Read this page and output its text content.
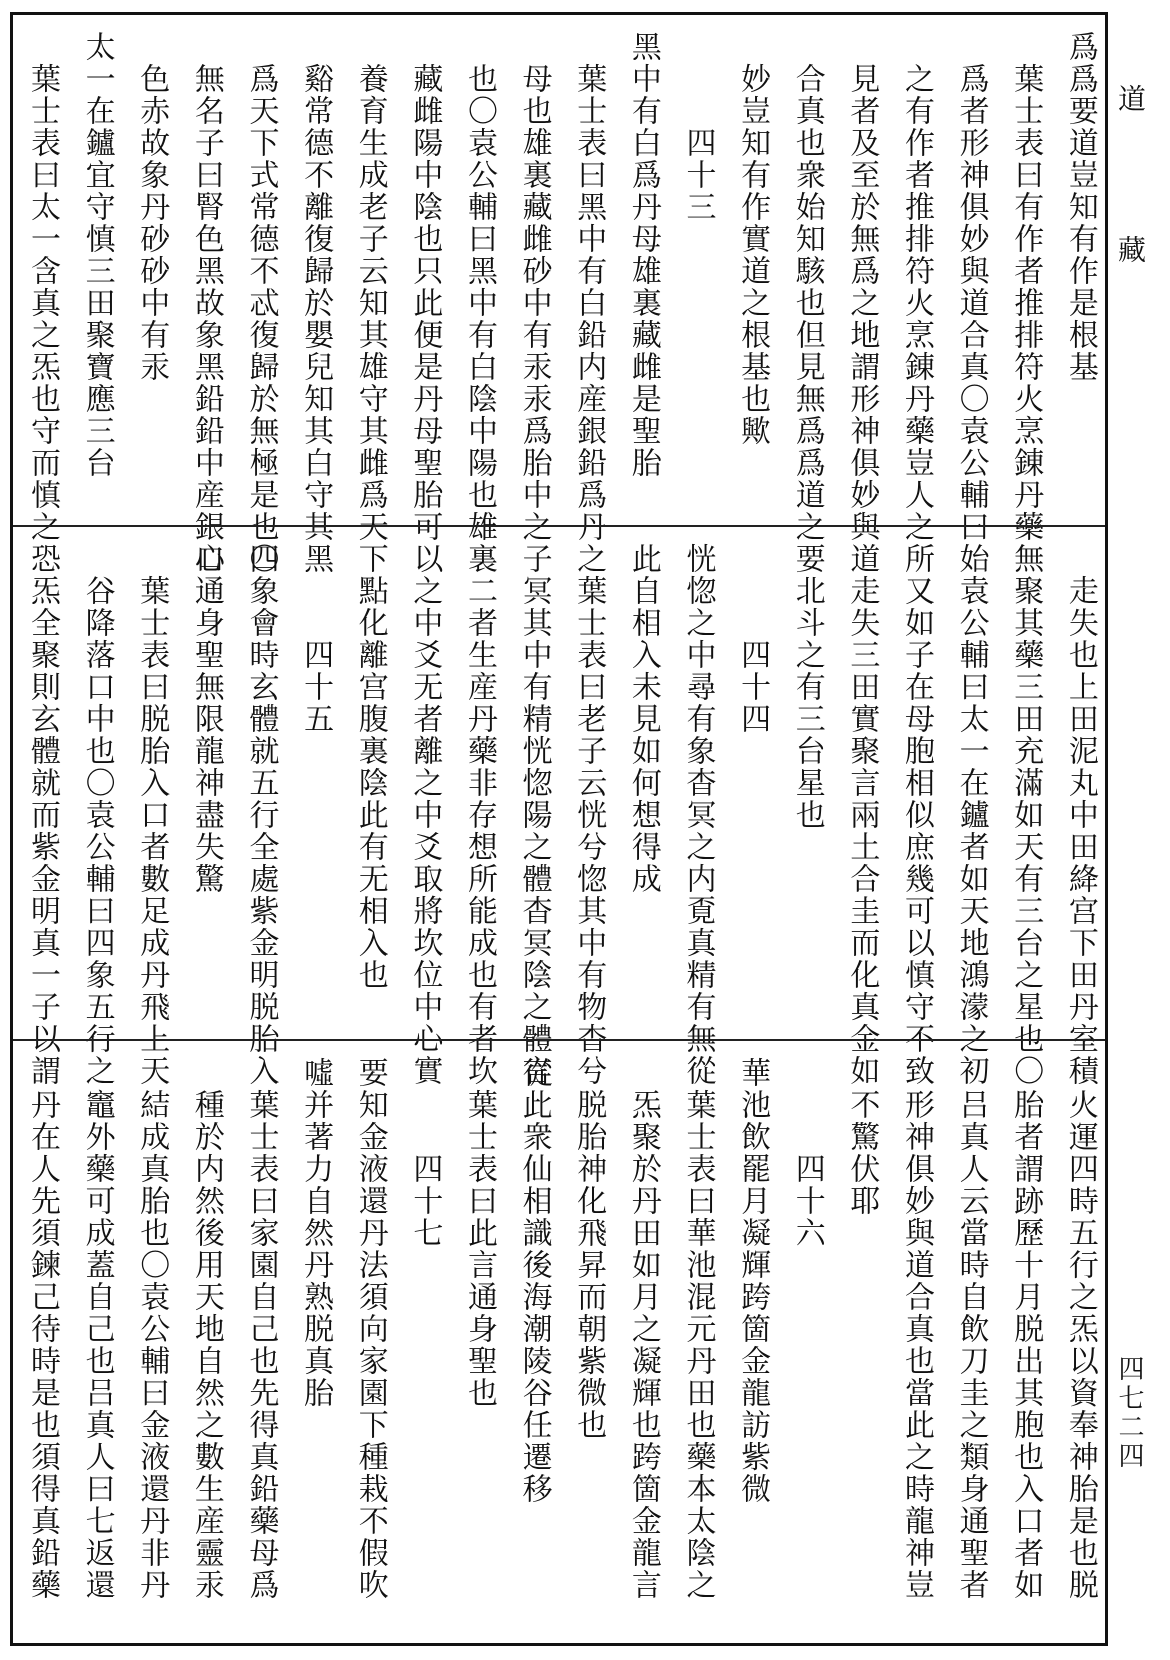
爲爲要道豈知有作是根基
葉士表曰有作者推排符火烹錬丹藥無
爲者形神俱妙與道合真〇袁公輔曰始
之有作者推排符火烹錬丹藥豈人之所
見者及至於無爲之地謂形神俱妙與道
合真也衆始知駭也但見無爲爲道之要
妙豈知有作實道之根基也歟
四十三
黑中有白爲丹母雄裏藏雌是聖胎
葉士表曰黑中有白鉛内産銀鉛爲丹之
母也雄裏藏雌砂中有汞汞爲胎中之子
也〇袁公輔曰黑中有白陰中陽也雄裏
藏雌陽中陰也只此便是丹母聖胎可以
養育生成老子云知其雄守其雌爲天下
谿常德不離復歸於嬰兒知其白守其黑
爲天下式常德不忒復歸於無極是也〇
無名子曰腎色黑故象黑鉛鉛中産銀心
色赤故象丹砂砂中有汞
太一在鑪宜守慎三田聚寶應三台
葉士表曰太一含真之炁也守而慎之恐
走失也上田泥丸中田絳宫下田丹室積
聚其藥三田充滿如天有三台之星也〇
袁公輔曰太一在鑪者如天地鴻濛之初
又如子在母胞相似庶幾可以慎守不致
走失三田實聚言兩土合圭而化真金如
北斗之有三台星也
四十四
恍惚之中尋有象杳冥之内覔真精有無從
此自相入未見如何想得成
葉士表曰老子云恍兮惚其中有物杳兮
冥其中有精恍惚陽之體杳冥陰之體言
二者生産丹藥非存想所能成也有者坎
之中爻无者離之中爻取將坎位中心實
點化離宫腹裏陰此有无相入也
四十五
四象會時玄體就五行全處紫金明脱胎入
口通身聖無限龍神盡失驚
葉士表曰脱胎入口者數足成丹飛上天
谷降落口中也〇袁公輔曰四象五行之
炁全聚則玄體就而紫金明真一子以謂
火運四時五行之炁以資奉神胎是也脱
胎者謂跡歷十月脱出其胞也入口者如
吕真人云當時自飲刀圭之類身通聖者
形神俱妙與道合真也當此之時龍神豈
不驚伏耶
四十六
華池飲罷月凝輝跨箇金龍訪紫微
葉士表曰華池混元丹田也藥本太陰之
炁聚於丹田如月之凝輝也跨箇金龍言
脱胎神化飛昇而朝紫微也
從此衆仙相識後海潮陵谷任遷移
葉士表曰此言通身聖也
四十七
要知金液還丹法須向家園下種栽不假吹
噓并著力自然丹熟脱真胎
葉士表曰家園自己也先得真鉛藥母爲
種於内然後用天地自然之數生産靈汞
結成真胎也〇袁公輔曰金液還丹非丹
竈外藥可成蓋自己也吕真人曰七返還
丹在人先須鍊己待時是也須得真鉛藥
道
藏
四七二四
